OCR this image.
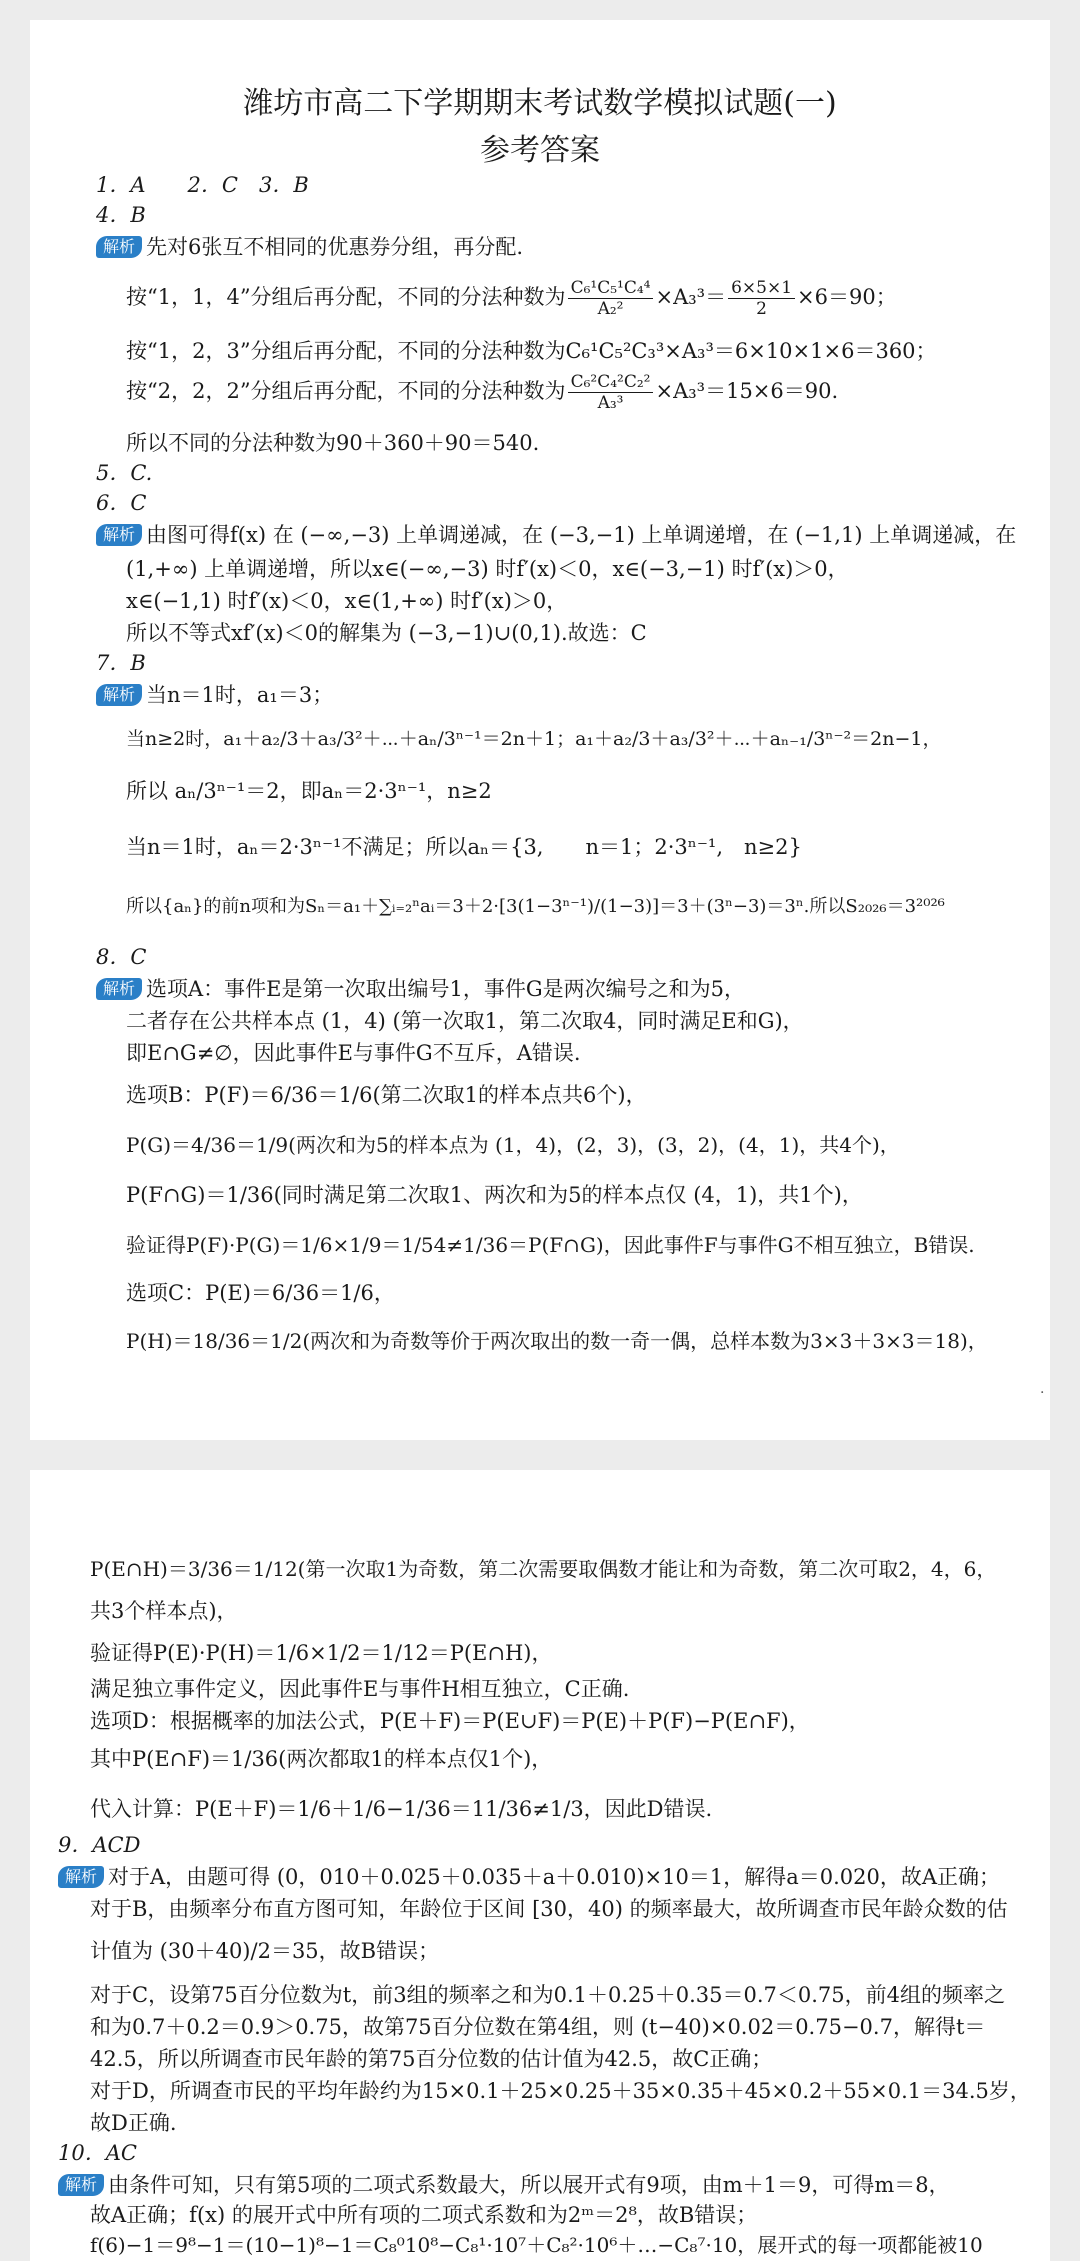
潍坊市高二下学期期末考试数学模拟试题(一)
参考答案
1．A　　2．C　3．B
4．B
解析 先对6张互不相同的优惠券分组，再分配.
按“1，1，4”分组后再分配，不同的分法种数为 $\frac{\text{C₆¹C₅¹C₄⁴}}{\text{A₂²}} \times A_3^3= \frac{6\times 5\times 1}{2} \times 6=90$；
按“1，2，3”分组后再分配，不同的分法种数为C₆¹C₅²C₃³×A₃³＝6×10×1×6＝360；
按“2，2，2”分组后再分配，不同的分法种数为 $\frac{\text{C₆²C₄²C₂²}}{\text{A₃³}} \times A_3^3=15\times 6=90$.
所以不同的分法种数为90＋360＋90＝540.
5．C.
6．C
解析 由图可得f(x) 在 (−∞,−3) 上单调递减，在 (−3,−1) 上单调递增，在 (−1,1) 上单调递减，在
(1,+∞) 上单调递增，所以x∈(−∞,−3) 时f′(x)＜0，x∈(−3,−1) 时f′(x)＞0，
x∈(−1,1) 时f′(x)＜0，x∈(1,+∞) 时f′(x)＞0，
所以不等式xf′(x)＜0的解集为 (−3,−1)∪(0,1).故选：C
7．B
解析 当n＝1时，a₁＝3；
当n≥2时，a₁＋a₂/3＋a₃/3²＋⋯＋aₙ/3ⁿ⁻¹＝2n＋1；a₁＋a₂/3＋a₃/3²＋⋯＋aₙ₋₁/3ⁿ⁻²＝2n−1，
所以 aₙ/3ⁿ⁻¹＝2，即aₙ＝2·3ⁿ⁻¹，n≥2
当n＝1时，aₙ＝2·3ⁿ⁻¹不满足；所以aₙ＝{3,　　n＝1；2·3ⁿ⁻¹,　n≥2}
所以{aₙ}的前n项和为Sₙ＝a₁＋∑ᵢ₌₂ⁿaᵢ＝3＋2·[3(1−3ⁿ⁻¹)/(1−3)]＝3＋(3ⁿ−3)＝3ⁿ.所以S₂₀₂₆＝3²⁰²⁶
8．C
解析 选项A：事件E是第一次取出编号1，事件G是两次编号之和为5，
二者存在公共样本点 (1，4) (第一次取1，第二次取4，同时满足E和G)，
即E∩G≠∅，因此事件E与事件G不互斥，A错误.
选项B：P(F)＝6/36＝1/6(第二次取1的样本点共6个)，
P(G)＝4/36＝1/9(两次和为5的样本点为 (1，4)，(2，3)，(3，2)，(4，1)，共4个)，
P(F∩G)＝1/36(同时满足第二次取1、两次和为5的样本点仅 (4，1)，共1个)，
验证得P(F)·P(G)＝1/6×1/9＝1/54≠1/36＝P(F∩G)，因此事件F与事件G不相互独立，B错误.
选项C：P(E)＝6/36＝1/6，
P(H)＝18/36＝1/2(两次和为奇数等价于两次取出的数一奇一偶，总样本数为3×3＋3×3＝18)，
·
P(E∩H)＝3/36＝1/12(第一次取1为奇数，第二次需要取偶数才能让和为奇数，第二次可取2，4，6，
共3个样本点)，
验证得P(E)·P(H)＝1/6×1/2＝1/12＝P(E∩H)，
满足独立事件定义，因此事件E与事件H相互独立，C正确.
选项D：根据概率的加法公式，P(E＋F)＝P(E∪F)＝P(E)＋P(F)−P(E∩F)，
其中P(E∩F)＝1/36(两次都取1的样本点仅1个)，
代入计算：P(E＋F)＝1/6＋1/6−1/36＝11/36≠1/3，因此D错误.
9．ACD
解析 对于A，由题可得 (0，010＋0.025＋0.035＋a＋0.010)×10＝1，解得a＝0.020，故A正确；
对于B，由频率分布直方图可知，年龄位于区间 [30，40) 的频率最大，故所调查市民年龄众数的估
计值为 (30＋40)/2＝35，故B错误；
对于C，设第75百分位数为t，前3组的频率之和为0.1＋0.25＋0.35＝0.7＜0.75，前4组的频率之
和为0.7＋0.2＝0.9＞0.75，故第75百分位数在第4组，则 (t−40)×0.02＝0.75−0.7，解得t＝
42.5，所以所调查市民年龄的第75百分位数的估计值为42.5，故C正确；
对于D，所调查市民的平均年龄约为15×0.1＋25×0.25＋35×0.35＋45×0.2＋55×0.1＝34.5岁，
故D正确.
10．AC
解析 由条件可知，只有第5项的二项式系数最大，所以展开式有9项，由m＋1＝9，可得m＝8，
故A正确；f(x) 的展开式中所有项的二项式系数和为2ᵐ＝2⁸，故B错误；
f(6)−1＝9⁸−1＝(10−1)⁸−1＝C₈⁰10⁸−C₈¹·10⁷＋C₈²·10⁶＋…−C₈⁷·10，展开式的每一项都能被10
